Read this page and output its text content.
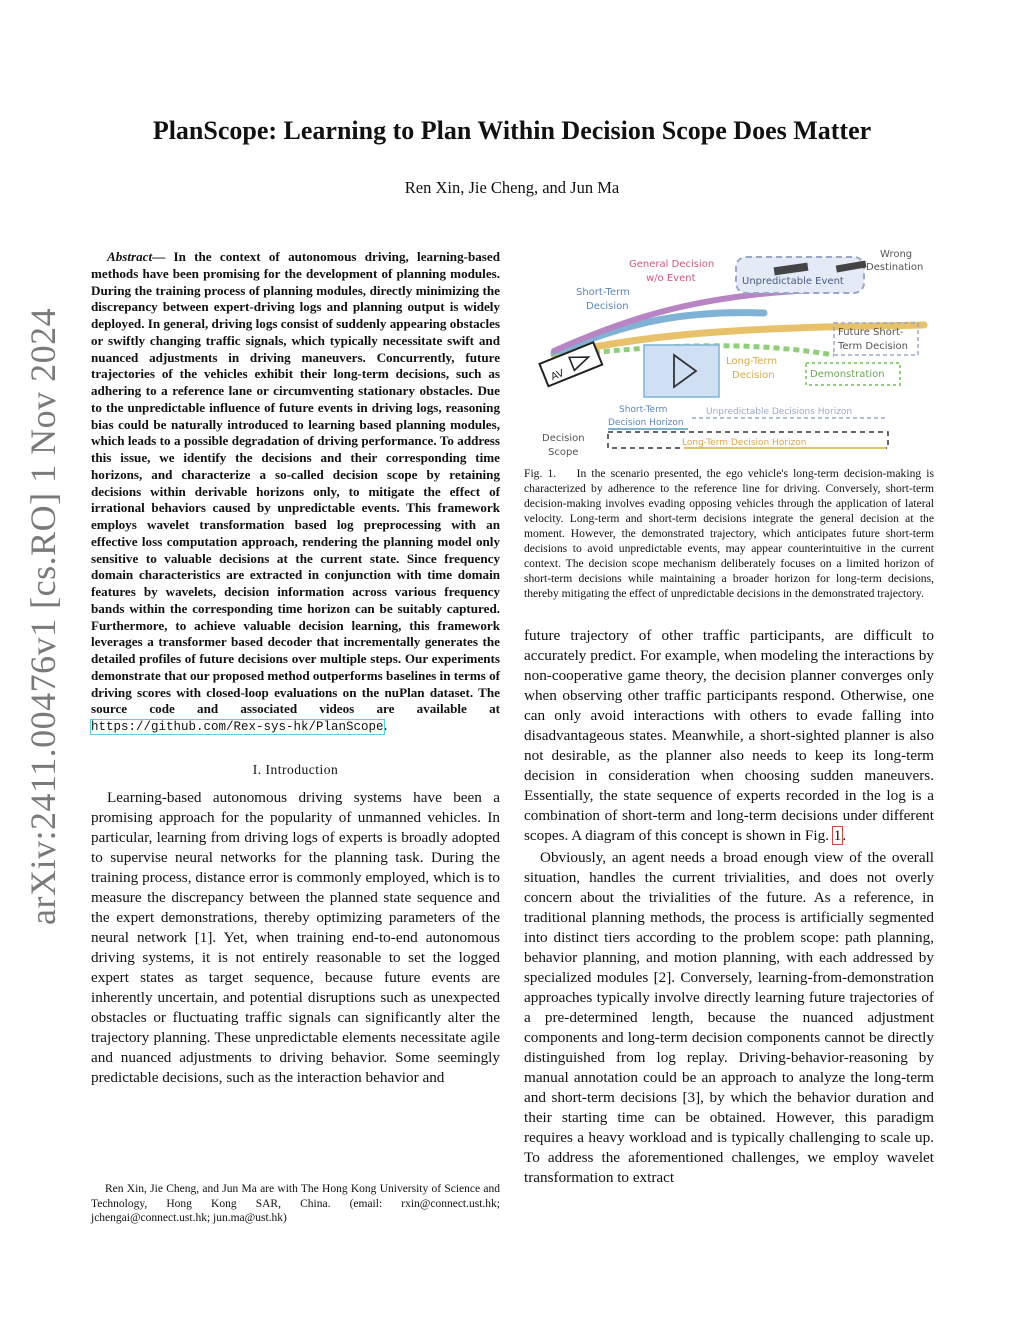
arXiv:2411.00476v1 [cs.RO] 1 Nov 2024
PlanScope: Learning to Plan Within Decision Scope Does Matter
Ren Xin, Jie Cheng, and Jun Ma

Abstract— In the context of autonomous driving, learning-based methods have been promising for the development of planning modules. During the training process of planning modules, directly minimizing the discrepancy between expert-driving logs and planning output is widely deployed. In general, driving logs consist of suddenly appearing obstacles or swiftly changing traffic signals, which typically necessitate swift and nuanced adjustments in driving maneuvers. Concurrently, future trajectories of the vehicles exhibit their long-term decisions, such as adhering to a reference lane or circumventing stationary obstacles. Due to the unpredictable influence of future events in driving logs, reasoning bias could be naturally introduced to learning based planning modules, which leads to a possible degradation of driving performance. To address this issue, we identify the decisions and their corresponding time horizons, and characterize a so-called decision scope by retaining decisions within derivable horizons only, to mitigate the effect of irrational behaviors caused by unpredictable events. This framework employs wavelet transformation based log preprocessing with an effective loss computation approach, rendering the planning model only sensitive to valuable decisions at the current state. Since frequency domain characteristics are extracted in conjunction with time domain features by wavelets, decision information across various frequency bands within the corresponding time horizon can be suitably captured. Furthermore, to achieve valuable decision learning, this framework leverages a transformer based decoder that incrementally generates the detailed profiles of future decisions over multiple steps. Our experiments demonstrate that our proposed method outperforms baselines in terms of driving scores with closed-loop evaluations on the nuPlan dataset. The source code and associated videos are available at https://github.com/Rex-sys-hk/PlanScope.

I. Introduction

Learning-based autonomous driving systems have been a promising approach for the popularity of unmanned vehicles. In particular, learning from driving logs of experts is broadly adopted to supervise neural networks for the planning task. During the training process, distance error is commonly employed, which is to measure the discrepancy between the planned state sequence and the expert demonstrations, thereby optimizing parameters of the neural network [1]. Yet, when training end-to-end autonomous driving systems, it is not entirely reasonable to set the logged expert states as target sequence, because future events are inherently uncertain, and potential disruptions such as unexpected obstacles or fluctuating traffic signals can significantly alter the trajectory planning. These unpredictable elements necessitate agile and nuanced adjustments to driving behavior. Some seemingly predictable decisions, such as the interaction behavior and

Ren Xin, Jie Cheng, and Jun Ma are with The Hong Kong University of Science and Technology, Hong Kong SAR, China. (email: rxin@connect.ust.hk; jchengai@connect.ust.hk; jun.ma@ust.hk)
AV
General Decision
w/o Event
Wrong
Destination
Short-Term
Decision
Unpredictable Event
Future Short-
Term Decision
Long-Term
Decision	Demonstration
Short-Term
Decision Horizon
Unpredictable Decisions Horizon
Long-Term Decision Horizon
Decision
Scope

Fig. 1. In the scenario presented, the ego vehicle's long-term decision-making is characterized by adherence to the reference line for driving. Conversely, short-term decision-making involves evading opposing vehicles through the application of lateral velocity. Long-term and short-term decisions integrate the general decision at the moment. However, the demonstrated trajectory, which anticipates future short-term decisions to avoid unpredictable events, may appear counterintuitive in the current context. The decision scope mechanism deliberately focuses on a limited horizon of short-term decisions while maintaining a broader horizon for long-term decisions, thereby mitigating the effect of unpredictable decisions in the demonstrated trajectory.

future trajectory of other traffic participants, are difficult to accurately predict. For example, when modeling the interactions by non-cooperative game theory, the decision planner converges only when observing other traffic participants respond. Otherwise, one can only avoid interactions with others to evade falling into disadvantageous states. Meanwhile, a short-sighted planner is also not desirable, as the planner also needs to keep its long-term decision in consideration when choosing sudden maneuvers. Essentially, the state sequence of experts recorded in the log is a combination of short-term and long-term decisions under different scopes. A diagram of this concept is shown in Fig. 1.

Obviously, an agent needs a broad enough view of the overall situation, handles the current trivialities, and does not overly concern about the trivialities of the future. As a reference, in traditional planning methods, the process is artificially segmented into distinct tiers according to the problem scope: path planning, behavior planning, and motion planning, with each addressed by specialized modules [2]. Conversely, learning-from-demonstration approaches typically involve directly learning future trajectories of a pre-determined length, because the nuanced adjustment components and long-term decision components cannot be directly distinguished from log replay. Driving-behavior-reasoning by manual annotation could be an approach to analyze the long-term and short-term decisions [3], by which the behavior duration and their starting time can be obtained. However, this paradigm requires a heavy workload and is typically challenging to scale up. To address the aforementioned challenges, we employ wavelet transformation to extract
